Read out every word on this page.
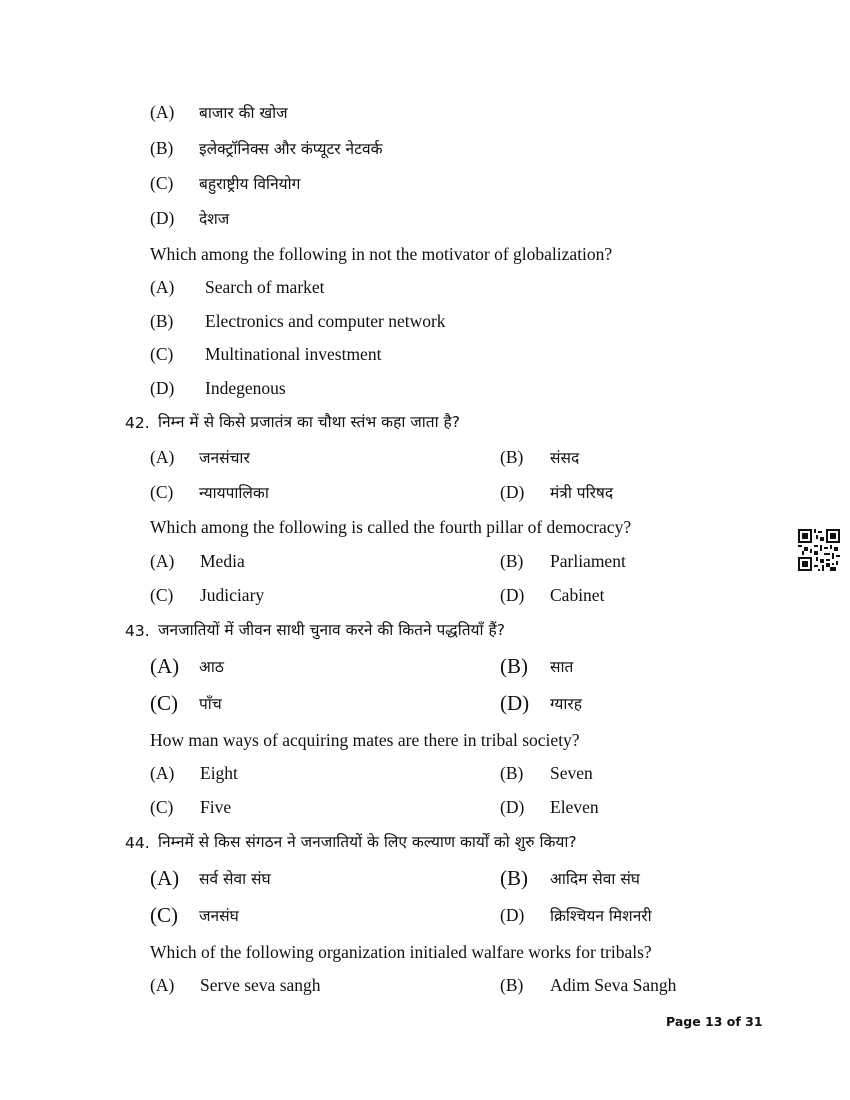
(A) बाजार की खोज
(B) इलेक्ट्रॉनिक्स और कंप्यूटर नेटवर्क
(C) बहुराष्ट्रीय विनियोग
(D) देशज
Which among the following in not the motivator of globalization?
(A) Search of market
(B) Electronics and computer network
(C) Multinational investment
(D) Indegenous
42. निम्न में से किसे प्रजातंत्र का चौथा स्तंभ कहा जाता है?
(A) जनसंचार	(B) संसद
(C) न्यायपालिका	(D) मंत्री परिषद
Which among the following is called the fourth pillar of democracy?
(A) Media	(B) Parliament
(C) Judiciary	(D) Cabinet
43. जनजातियों में जीवन साथी चुनाव करने की कितने पद्धतियाँ हैं?
(A) आठ	(B) सात
(C) पाँच	(D) ग्यारह
How man ways of acquiring mates are there in tribal society?
(A) Eight	(B) Seven
(C) Five	(D) Eleven
44. निम्नमें से किस संगठन ने जनजातियों के लिए कल्याण कार्यों को शुरु किया?
(A) सर्व सेवा संघ	(B) आदिम सेवा संघ
(C) जनसंघ	(D) क्रिश्चियन मिशनरी
Which of the following organization initialed walfare works for tribals?
(A) Serve seva sangh	(B) Adim Seva Sangh
Page 13 of 31
